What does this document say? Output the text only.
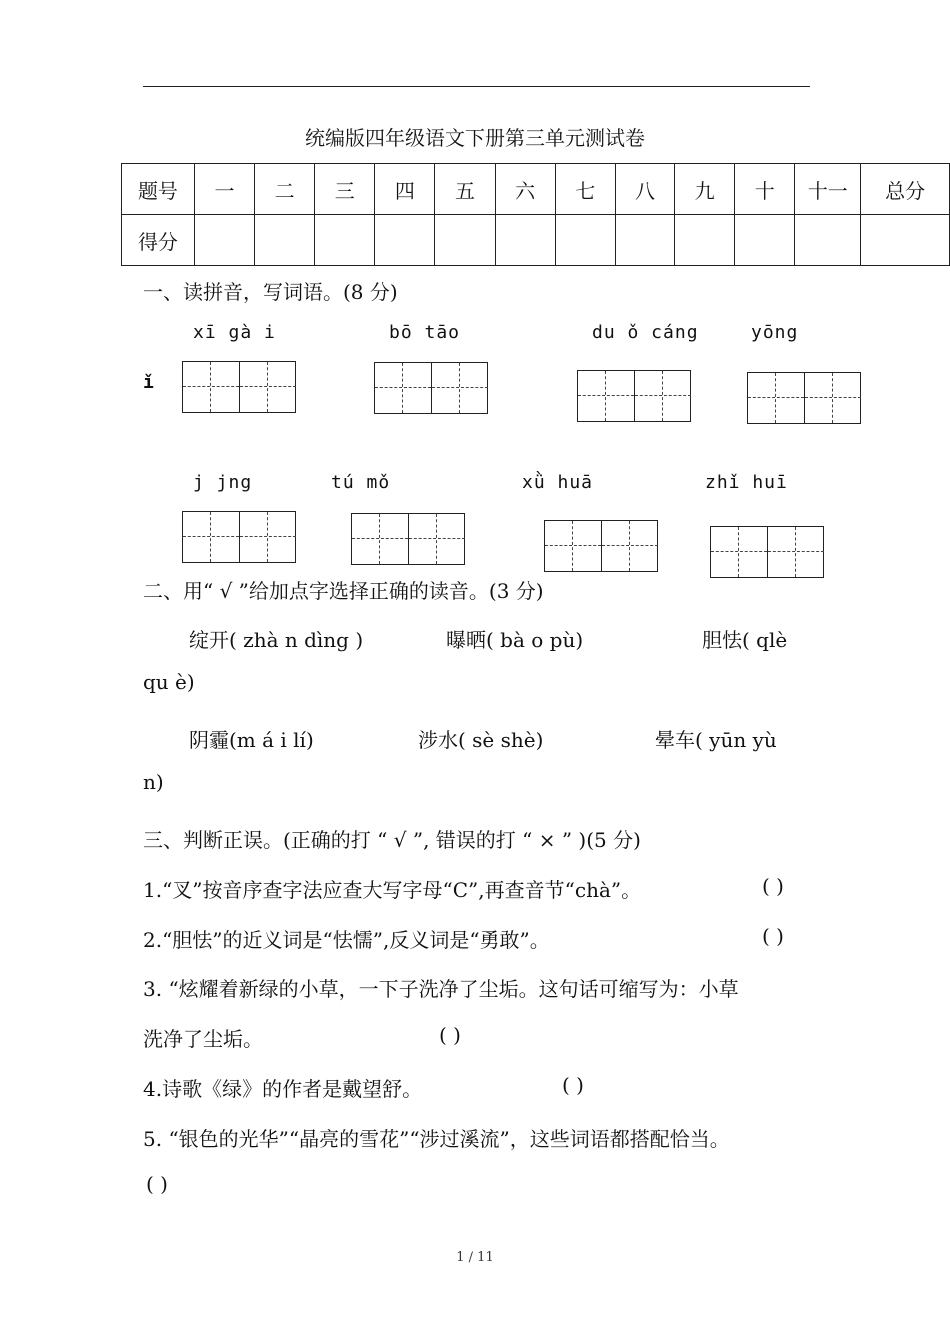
统编版四年级语文下册第三单元测试卷
题号	一	二	三	四	五	六	七	八	九	十	十一	总分
得分												
一、读拼音，写词语。(8 分)
xī gà i	bō tāo	du ǒ cáng	yōng
ǐ
j jng	tú mǒ	xǜ huā	zhǐ huī
二、用“ √ ”给加点字选择正确的读音。(3 分)
绽开( zhà n dìng )	曝晒( bà o pù)	胆怯( qlè
qu è)
阴霾(m á i lí)	涉水( sè shè)	晕车( yūn yù
n)
三、判断正误。(正确的打 “ √ ”, 错误的打 “ × ” )(5 分)
1.“叉”按音序查字法应查大写字母“C”,再查音节“chà”。	( )
2.“胆怯”的近义词是“怯懦”,反义词是“勇敢”。	( )
3. “炫耀着新绿的小草，一下子洗净了尘垢。这句话可缩写为：小草
洗净了尘垢。	( )
4.诗歌《绿》的作者是戴望舒。	( )
5. “银色的光华”“晶亮的雪花”“涉过溪流”，这些词语都搭配恰当。
( )
1 / 11
